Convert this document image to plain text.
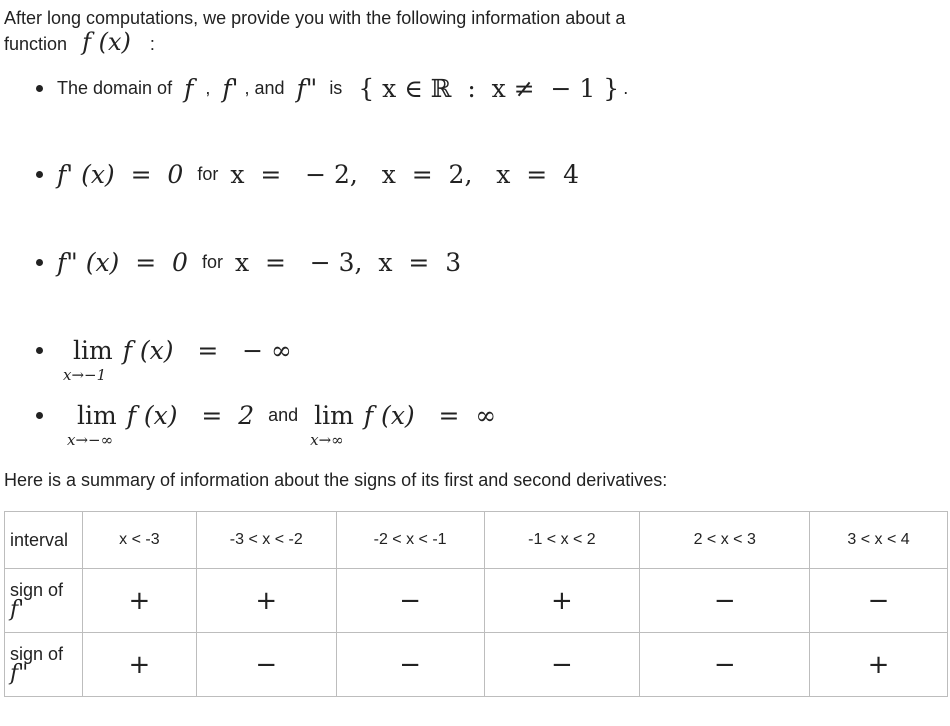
After long computations, we provide you with the following information about a
function f (x) :
The domain of f , f' , and f" is { x ∈ ℝ  :  x ≠  − 1 } .
f' (x)  =  0 for x  =   − 2,   x  =  2,   x  =  4
f" (x)  =  0 for x  =   − 3,  x  =  3
lim
x→−1
f (x)   =   − ∞
lim
x→−∞
f (x)   =  2 and lim
x→∞
f (x)   =  ∞
Here is a summary of information about the signs of its first and second derivatives:
interval	x < -3	-3 < x < -2	-2 < x < -1	-1 < x < 2	2 < x < 3	3 < x < 4
sign of
f'	+	+	−	+	−	−
sign of
f"	+	−	−	−	−	+
